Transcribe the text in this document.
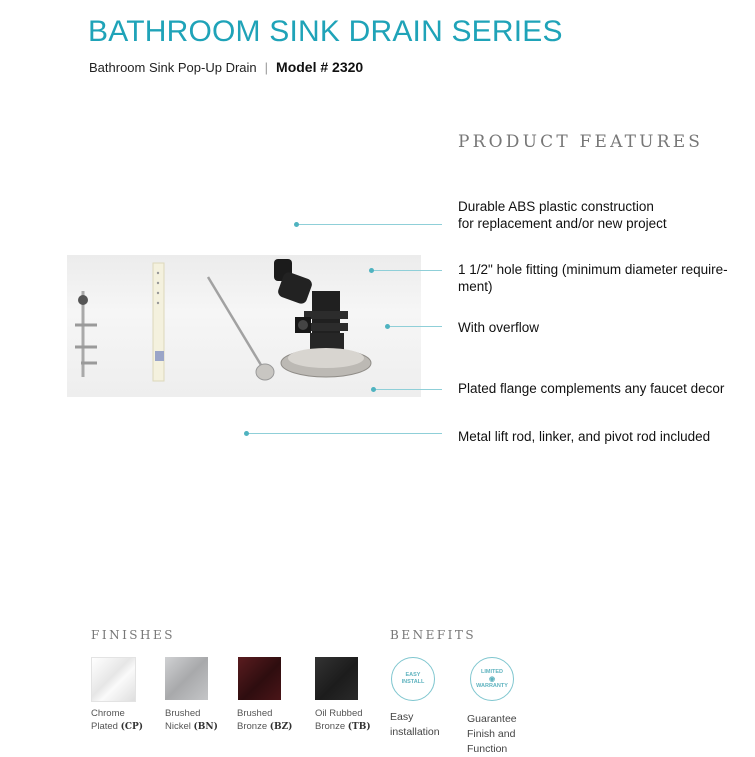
BATHROOM SINK DRAIN SERIES
Bathroom Sink Pop-Up Drain | Model # 2320
PRODUCT FEATURES
Durable ABS plastic construction
for replacement and/or new project
1 1/2" hole fitting (minimum diameter require-
ment)
With overflow
Plated flange complements any faucet decor
Metal lift rod, linker, and pivot rod included
FINISHES
Chrome
Plated (CP)
Brushed
Nickel (BN)
Brushed
Bronze (BZ)
Oil Rubbed
Bronze (TB)
BENEFITS
EASY
INSTALL
LIMITED
◉
WARRANTY
Easy
installation
Guarantee
Finish and
Function
